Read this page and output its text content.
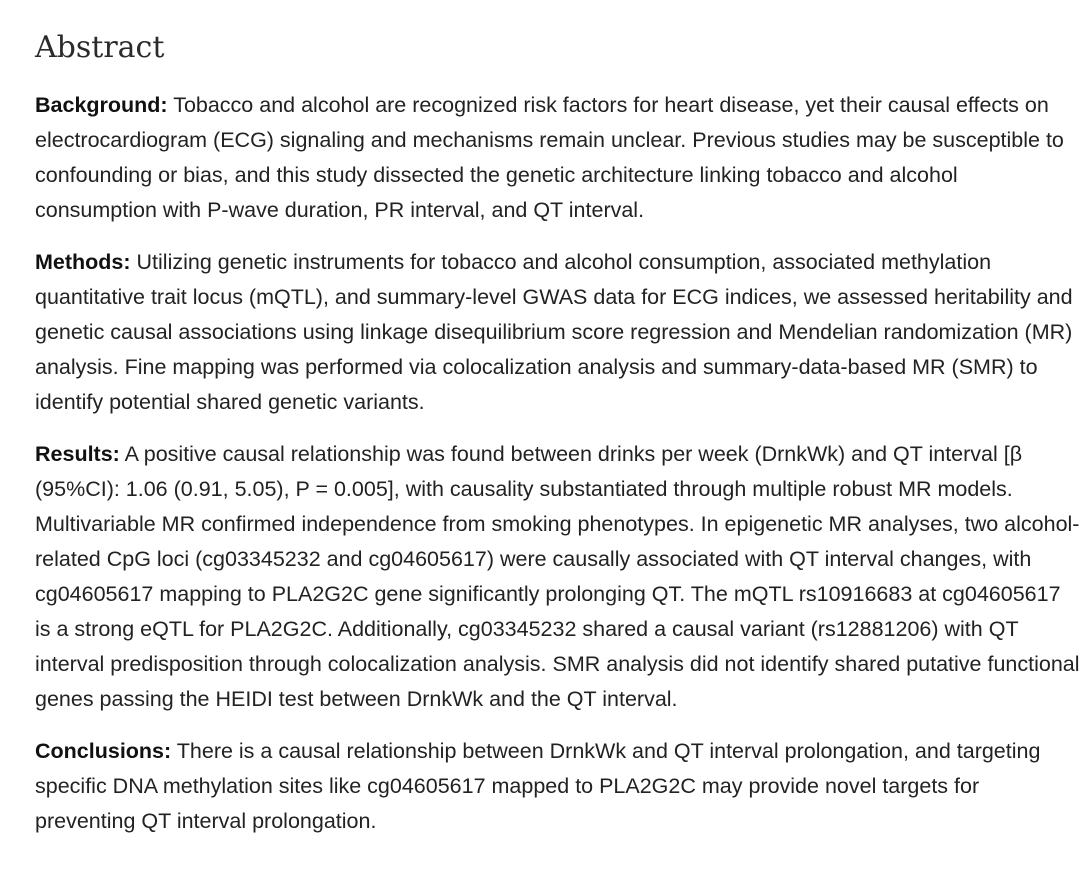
Abstract

Background: Tobacco and alcohol are recognized risk factors for heart disease, yet their causal effects on electrocardiogram (ECG) signaling and mechanisms remain unclear. Previous studies may be susceptible to confounding or bias, and this study dissected the genetic architecture linking tobacco and alcohol consumption with P-wave duration, PR interval, and QT interval.

Methods: Utilizing genetic instruments for tobacco and alcohol consumption, associated methylation quantitative trait locus (mQTL), and summary-level GWAS data for ECG indices, we assessed heritability and genetic causal associations using linkage disequilibrium score regression and Mendelian randomization (MR) analysis. Fine mapping was performed via colocalization analysis and summary-data-based MR (SMR) to identify potential shared genetic variants.

Results: A positive causal relationship was found between drinks per week (DrnkWk) and QT interval [β (95%CI): 1.06 (0.91, 5.05), P = 0.005], with causality substantiated through multiple robust MR models. Multivariable MR confirmed independence from smoking phenotypes. In epigenetic MR analyses, two alcohol-related CpG loci (cg03345232 and cg04605617) were causally associated with QT interval changes, with cg04605617 mapping to PLA2G2C gene significantly prolonging QT. The mQTL rs10916683 at cg04605617 is a strong eQTL for PLA2G2C. Additionally, cg03345232 shared a causal variant (rs12881206) with QT interval predisposition through colocalization analysis. SMR analysis did not identify shared putative functional genes passing the HEIDI test between DrnkWk and the QT interval.

Conclusions: There is a causal relationship between DrnkWk and QT interval prolongation, and targeting specific DNA methylation sites like cg04605617 mapped to PLA2G2C may provide novel targets for preventing QT interval prolongation.
